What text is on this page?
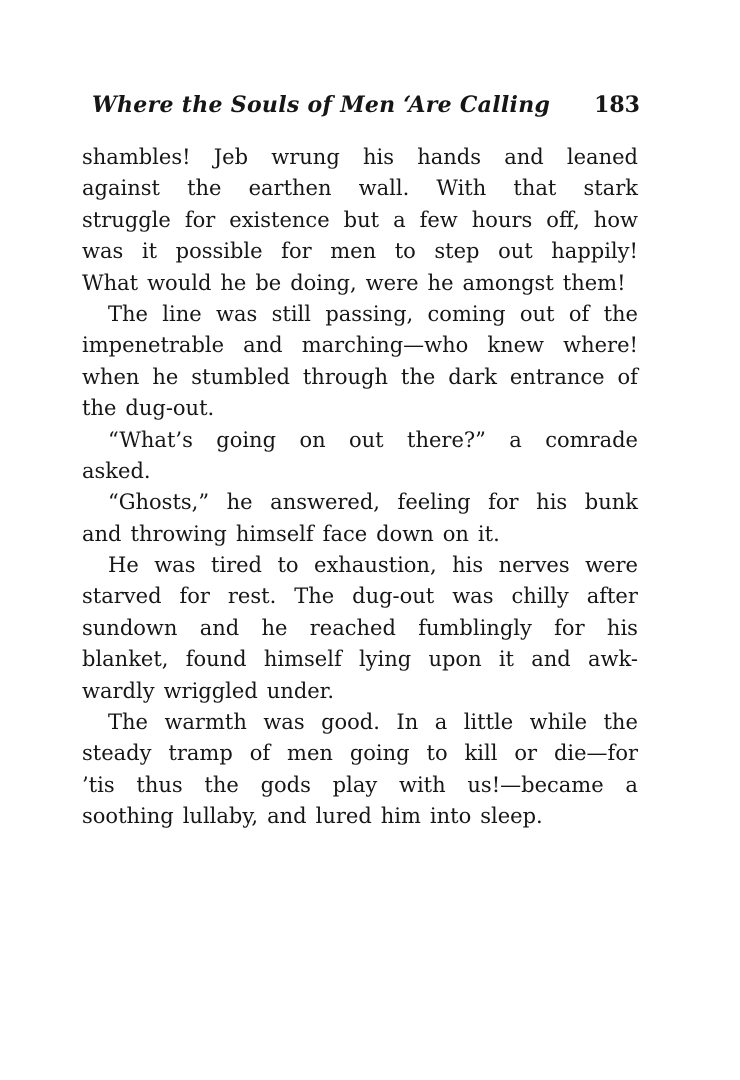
Where the Souls of Men ʻAre Calling 183
shambles! Jeb wrung his hands and leaned
against the earthen wall. With that stark
struggle for existence but a few hours off, how
was it possible for men to step out happily!
What would he be doing, were he amongst them!
The line was still passing, coming out of the
impenetrable and marching—who knew where!
when he stumbled through the dark entrance of
the dug-out.
“What’s going on out there?” a comrade
asked.
“Ghosts,” he answered, feeling for his bunk
and throwing himself face down on it.
He was tired to exhaustion, his nerves were
starved for rest. The dug-out was chilly after
sundown and he reached fumblingly for his
blanket, found himself lying upon it and awk-
wardly wriggled under.
The warmth was good. In a little while the
steady tramp of men going to kill or die—for
’tis thus the gods play with us!—became a
soothing lullaby, and lured him into sleep.
